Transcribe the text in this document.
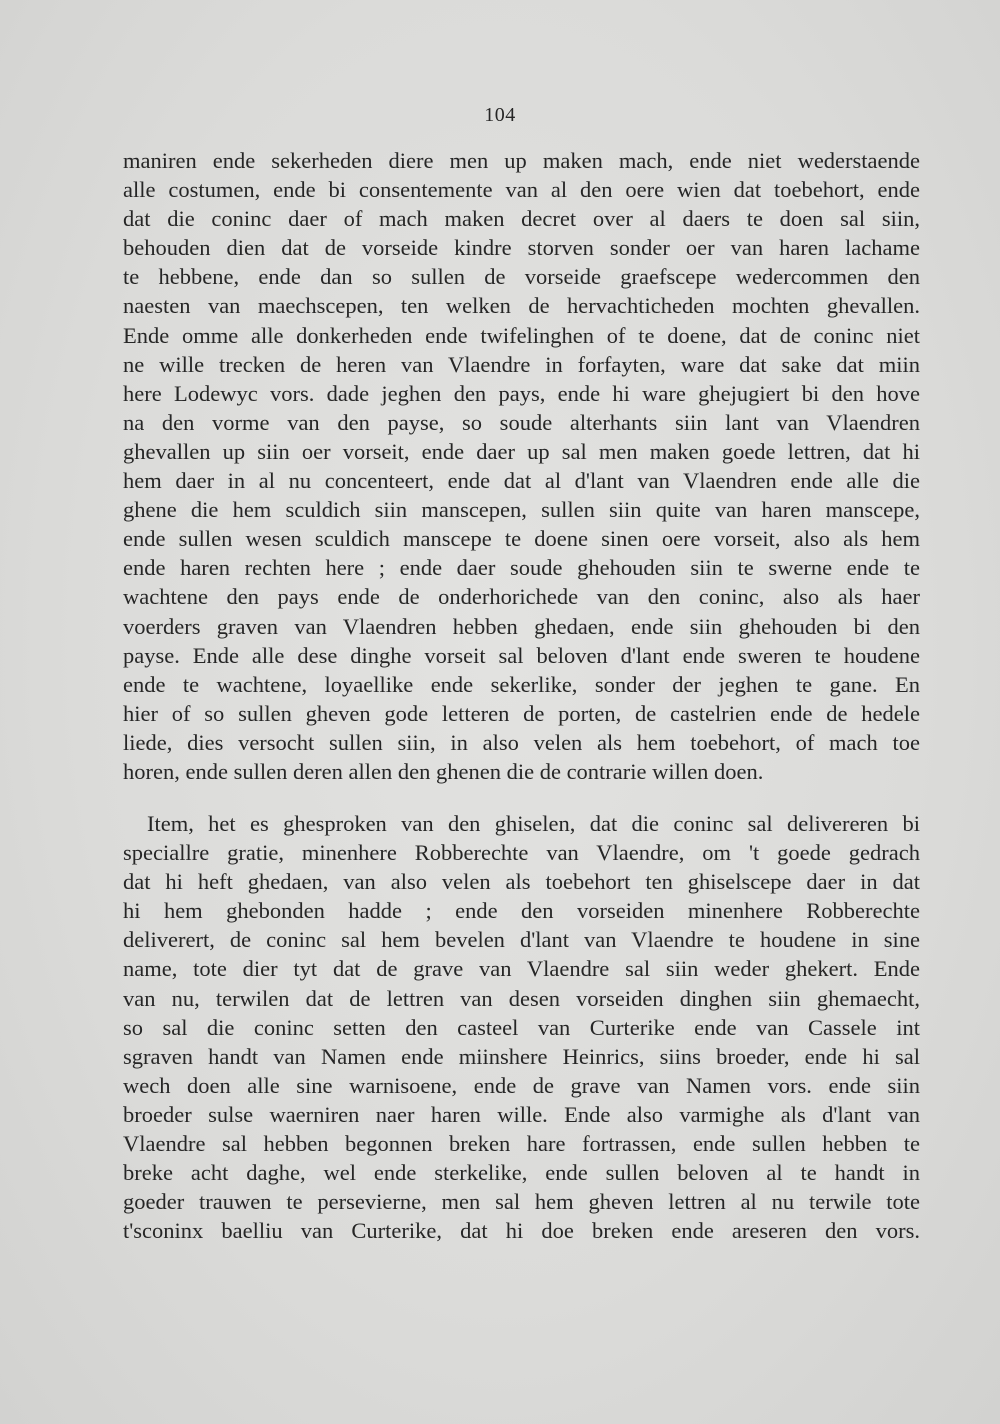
104
maniren ende sekerheden diere men up maken mach, ende niet wederstaende
alle costumen, ende bi consentemente van al den oere wien dat toebehort, ende
dat die coninc daer of mach maken decret over al daers te doen sal siin,
behouden dien dat de vorseide kindre storven sonder oer van haren lachame
te hebbene, ende dan so sullen de vorseide graefscepe wedercommen den
naesten van maechscepen, ten welken de hervachticheden mochten ghevallen.
Ende omme alle donkerheden ende twifelinghen of te doene, dat de coninc niet
ne wille trecken de heren van Vlaendre in forfayten, ware dat sake dat miin
here Lodewyc vors. dade jeghen den pays, ende hi ware ghejugiert bi den hove
na den vorme van den payse, so soude alterhants siin lant van Vlaendren
ghevallen up siin oer vorseit, ende daer up sal men maken goede lettren, dat hi
hem daer in al nu concenteert, ende dat al d'lant van Vlaendren ende alle die
ghene die hem sculdich siin manscepen, sullen siin quite van haren manscepe,
ende sullen wesen sculdich manscepe te doene sinen oere vorseit, also als hem
ende haren rechten here ; ende daer soude ghehouden siin te swerne ende te
wachtene den pays ende de onderhorichede van den coninc, also als haer
voerders graven van Vlaendren hebben ghedaen, ende siin ghehouden bi den
payse. Ende alle dese dinghe vorseit sal beloven d'lant ende sweren te houdene
ende te wachtene, loyaellike ende sekerlike, sonder der jeghen te gane. En
hier of so sullen gheven gode letteren de porten, de castelrien ende de hedele
liede, dies versocht sullen siin, in also velen als hem toebehort, of mach toe
horen, ende sullen deren allen den ghenen die de contrarie willen doen.
Item, het es ghesproken van den ghiselen, dat die coninc sal delivereren bi
speciallre gratie, minenhere Robberechte van Vlaendre, om 't goede gedrach
dat hi heft ghedaen, van also velen als toebehort ten ghiselscepe daer in dat
hi hem ghebonden hadde ; ende den vorseiden minenhere Robberechte
deliverert, de coninc sal hem bevelen d'lant van Vlaendre te houdene in sine
name, tote dier tyt dat de grave van Vlaendre sal siin weder ghekert. Ende
van nu, terwilen dat de lettren van desen vorseiden dinghen siin ghemaecht,
so sal die coninc setten den casteel van Curterike ende van Cassele int
sgraven handt van Namen ende miinshere Heinrics, siins broeder, ende hi sal
wech doen alle sine warnisoene, ende de grave van Namen vors. ende siin
broeder sulse waerniren naer haren wille. Ende also varmighe als d'lant van
Vlaendre sal hebben begonnen breken hare fortrassen, ende sullen hebben te
breke acht daghe, wel ende sterkelike, ende sullen beloven al te handt in
goeder trauwen te persevierne, men sal hem gheven lettren al nu terwile tote
t'sconinx baelliu van Curterike, dat hi doe breken ende areseren den vors.
